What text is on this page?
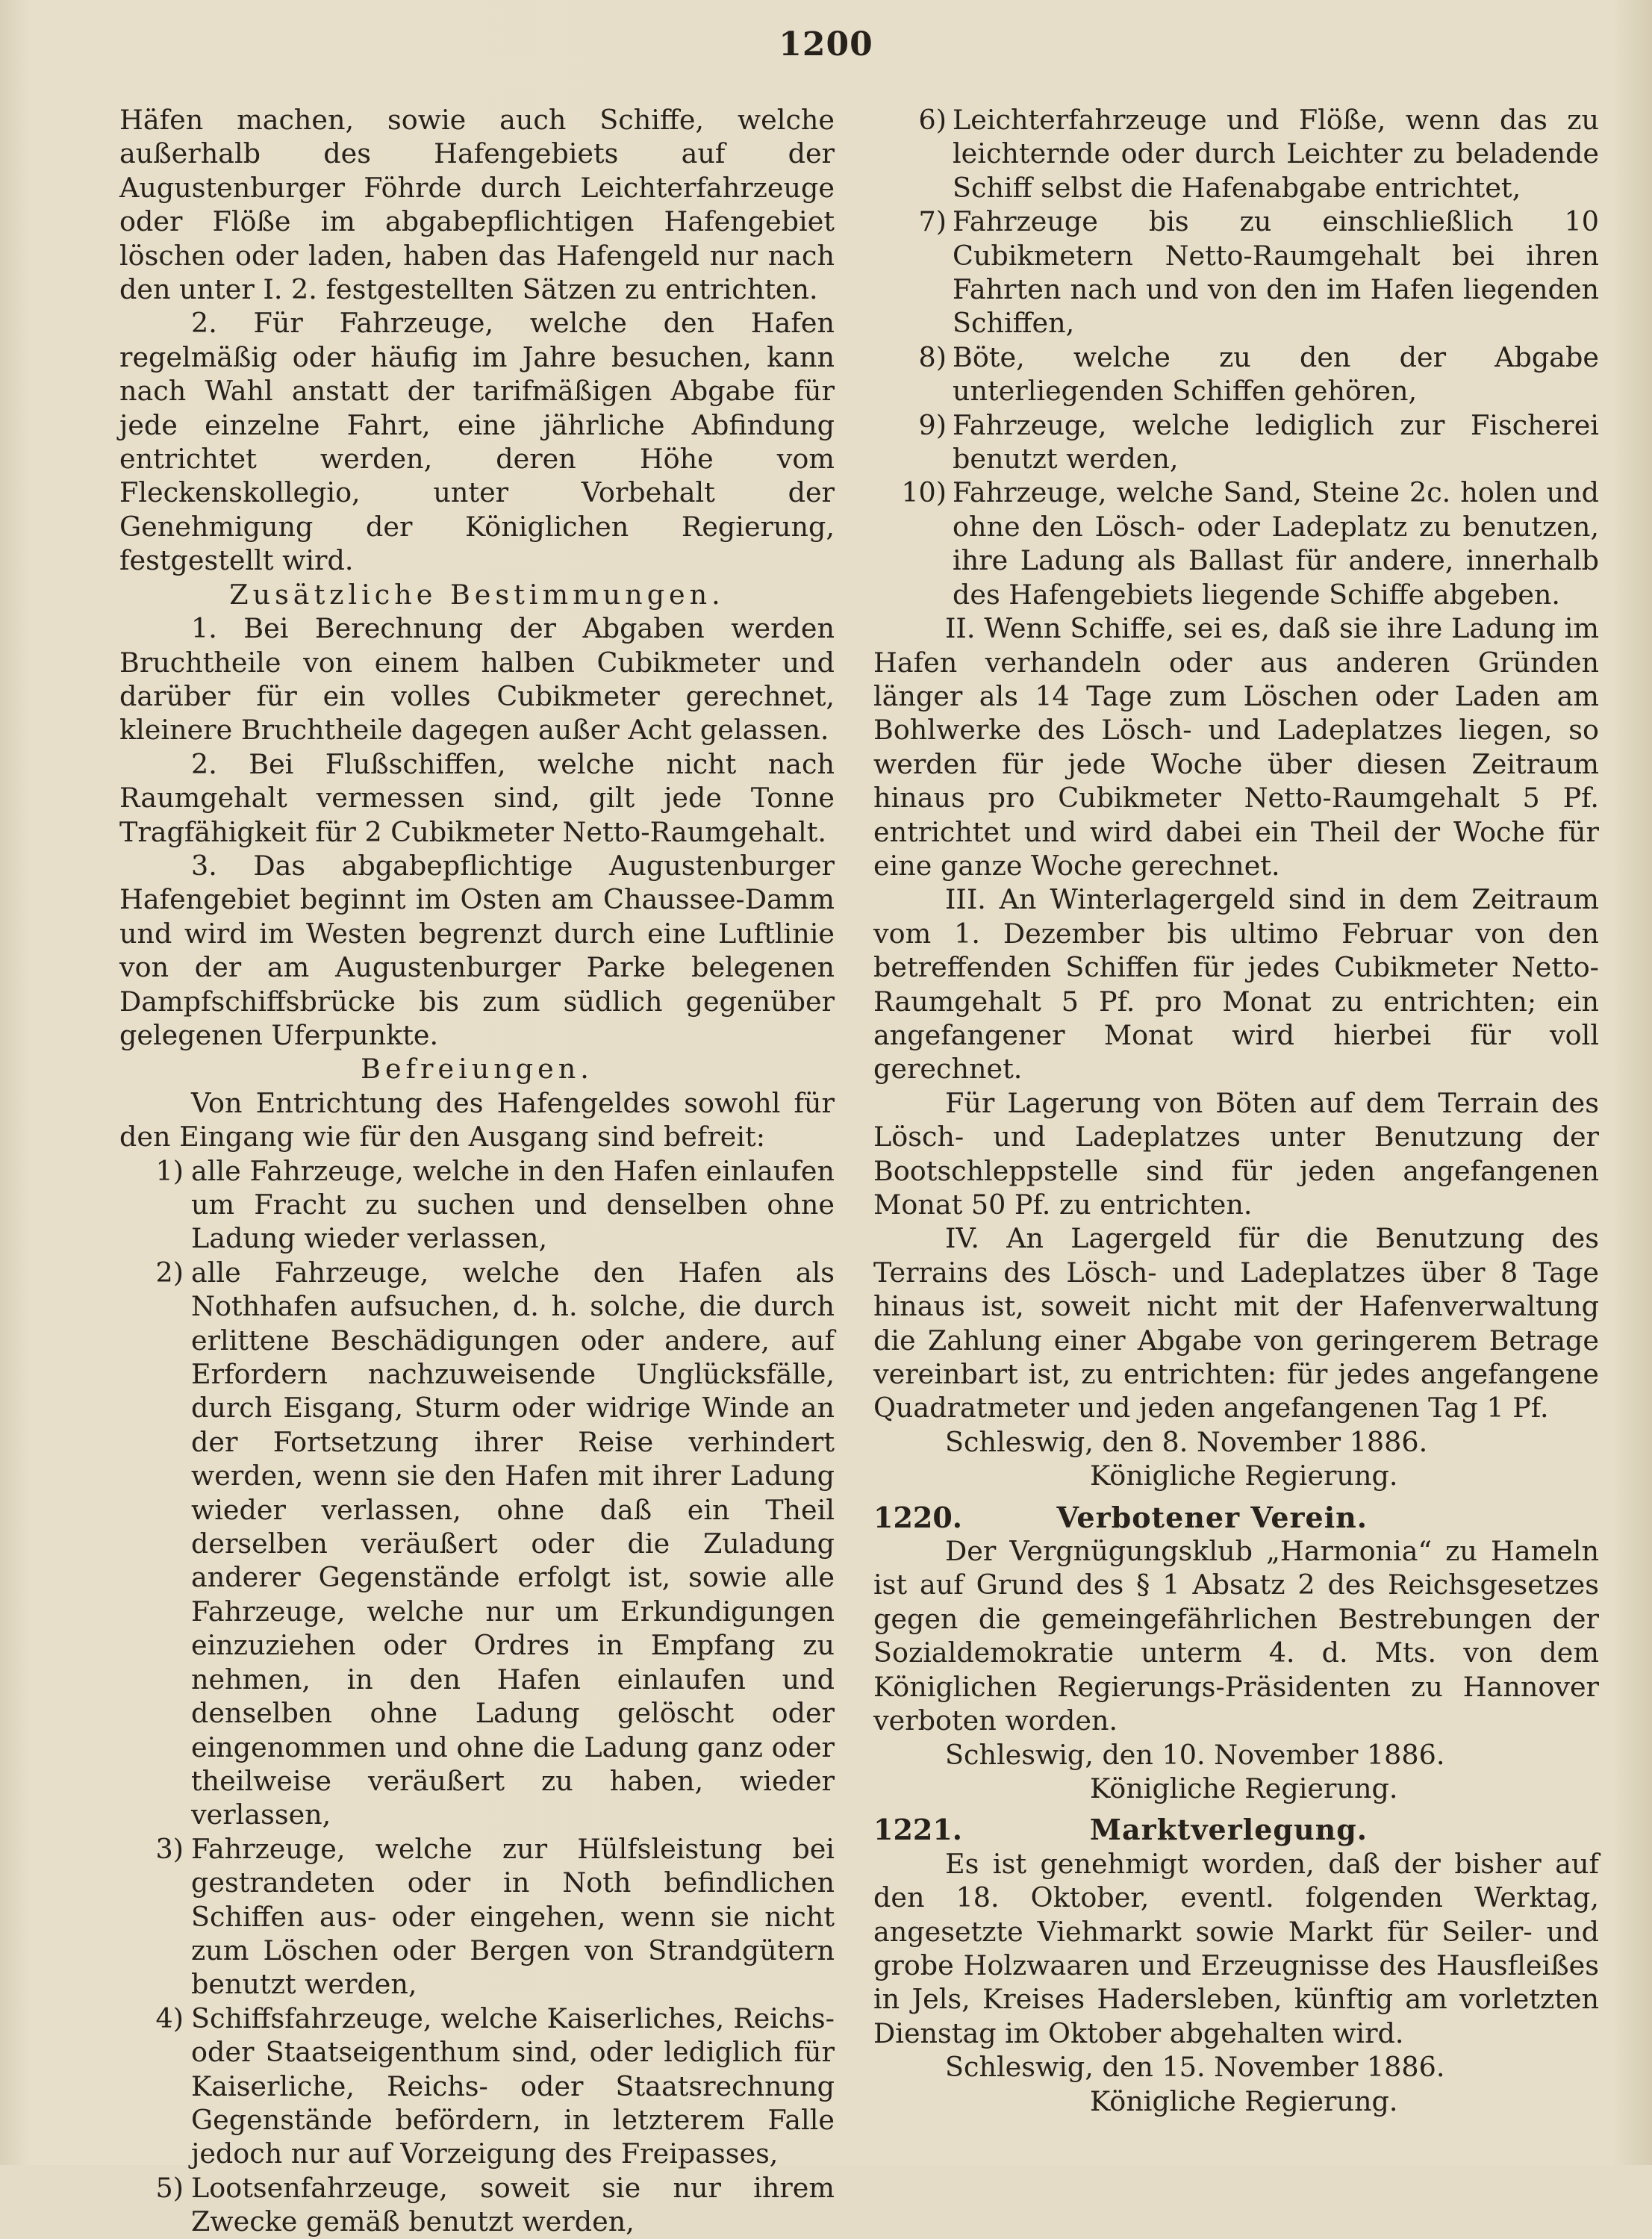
1200

Häfen machen, sowie auch Schiffe, welche außerhalb des Hafengebiets auf der Augustenburger Föhrde durch Leichterfahrzeuge oder Flöße im abgabepflichtigen Hafengebiet löschen oder laden, haben das Hafengeld nur nach den unter I. 2. festgestellten Sätzen zu entrichten.

2. Für Fahrzeuge, welche den Hafen regelmäßig oder häufig im Jahre besuchen, kann nach Wahl anstatt der tarifmäßigen Abgabe für jede einzelne Fahrt, eine jährliche Abfindung entrichtet werden, deren Höhe vom Fleckenskollegio, unter Vorbehalt der Genehmigung der Königlichen Regierung, festgestellt wird.

Zusätzliche Bestimmungen.

1. Bei Berechnung der Abgaben werden Bruchtheile von einem halben Cubikmeter und darüber für ein volles Cubikmeter gerechnet, kleinere Bruchtheile dagegen außer Acht gelassen.

2. Bei Flußschiffen, welche nicht nach Raumgehalt vermessen sind, gilt jede Tonne Tragfähigkeit für 2 Cubikmeter Netto-Raumgehalt.

3. Das abgabepflichtige Augustenburger Hafengebiet beginnt im Osten am Chaussee-Damm und wird im Westen begrenzt durch eine Luftlinie von der am Augustenburger Parke belegenen Dampfschiffsbrücke bis zum südlich gegenüber gelegenen Uferpunkte.

Befreiungen.

Von Entrichtung des Hafengeldes sowohl für den Eingang wie für den Ausgang sind befreit:

1) alle Fahrzeuge, welche in den Hafen einlaufen um Fracht zu suchen und denselben ohne Ladung wieder verlassen,

2) alle Fahrzeuge, welche den Hafen als Nothhafen aufsuchen, d. h. solche, die durch erlittene Beschädigungen oder andere, auf Erfordern nachzuweisende Unglücksfälle, durch Eisgang, Sturm oder widrige Winde an der Fortsetzung ihrer Reise verhindert werden, wenn sie den Hafen mit ihrer Ladung wieder verlassen, ohne daß ein Theil derselben veräußert oder die Zuladung anderer Gegenstände erfolgt ist, sowie alle Fahrzeuge, welche nur um Erkundigungen einzuziehen oder Ordres in Empfang zu nehmen, in den Hafen einlaufen und denselben ohne Ladung gelöscht oder eingenommen und ohne die Ladung ganz oder theilweise veräußert zu haben, wieder verlassen,

3) Fahrzeuge, welche zur Hülfsleistung bei gestrandeten oder in Noth befindlichen Schiffen aus- oder eingehen, wenn sie nicht zum Löschen oder Bergen von Strandgütern benutzt werden,

4) Schiffsfahrzeuge, welche Kaiserliches, Reichs- oder Staatseigenthum sind, oder lediglich für Kaiserliche, Reichs- oder Staatsrechnung Gegenstände befördern, in letzterem Falle jedoch nur auf Vorzeigung des Freipasses,

5) Lootsenfahrzeuge, soweit sie nur ihrem Zwecke gemäß benutzt werden,

6) Leichterfahrzeuge und Flöße, wenn das zu leichternde oder durch Leichter zu beladende Schiff selbst die Hafenabgabe entrichtet,

7) Fahrzeuge bis zu einschließlich 10 Cubikmetern Netto-Raumgehalt bei ihren Fahrten nach und von den im Hafen liegenden Schiffen,

8) Böte, welche zu den der Abgabe unterliegenden Schiffen gehören,

9) Fahrzeuge, welche lediglich zur Fischerei benutzt werden,

10) Fahrzeuge, welche Sand, Steine 2c. holen und ohne den Lösch- oder Ladeplatz zu benutzen, ihre Ladung als Ballast für andere, innerhalb des Hafengebiets liegende Schiffe abgeben.

II. Wenn Schiffe, sei es, daß sie ihre Ladung im Hafen verhandeln oder aus anderen Gründen länger als 14 Tage zum Löschen oder Laden am Bohlwerke des Lösch- und Ladeplatzes liegen, so werden für jede Woche über diesen Zeitraum hinaus pro Cubikmeter Netto-Raumgehalt 5 Pf. entrichtet und wird dabei ein Theil der Woche für eine ganze Woche gerechnet.

III. An Winterlagergeld sind in dem Zeitraum vom 1. Dezember bis ultimo Februar von den betreffenden Schiffen für jedes Cubikmeter Netto-Raumgehalt 5 Pf. pro Monat zu entrichten; ein angefangener Monat wird hierbei für voll gerechnet.

Für Lagerung von Böten auf dem Terrain des Lösch- und Ladeplatzes unter Benutzung der Bootschleppstelle sind für jeden angefangenen Monat 50 Pf. zu entrichten.

IV. An Lagergeld für die Benutzung des Terrains des Lösch- und Ladeplatzes über 8 Tage hinaus ist, soweit nicht mit der Hafenverwaltung die Zahlung einer Abgabe von geringerem Betrage vereinbart ist, zu entrichten: für jedes angefangene Quadratmeter und jeden angefangenen Tag 1 Pf.

Schleswig, den 8. November 1886.

Königliche Regierung.

1220.	Verbotener Verein.

Der Vergnügungsklub „Harmonia“ zu Hameln ist auf Grund des § 1 Absatz 2 des Reichsgesetzes gegen die gemeingefährlichen Bestrebungen der Sozialdemokratie unterm 4. d. Mts. von dem Königlichen Regierungs-Präsidenten zu Hannover verboten worden.

Schleswig, den 10. November 1886.

Königliche Regierung.

1221.	Marktverlegung.

Es ist genehmigt worden, daß der bisher auf den 18. Oktober, eventl. folgenden Werktag, angesetzte Viehmarkt sowie Markt für Seiler- und grobe Holzwaaren und Erzeugnisse des Hausfleißes in Jels, Kreises Hadersleben, künftig am vorletzten Dienstag im Oktober abgehalten wird.

Schleswig, den 15. November 1886.

Königliche Regierung.
